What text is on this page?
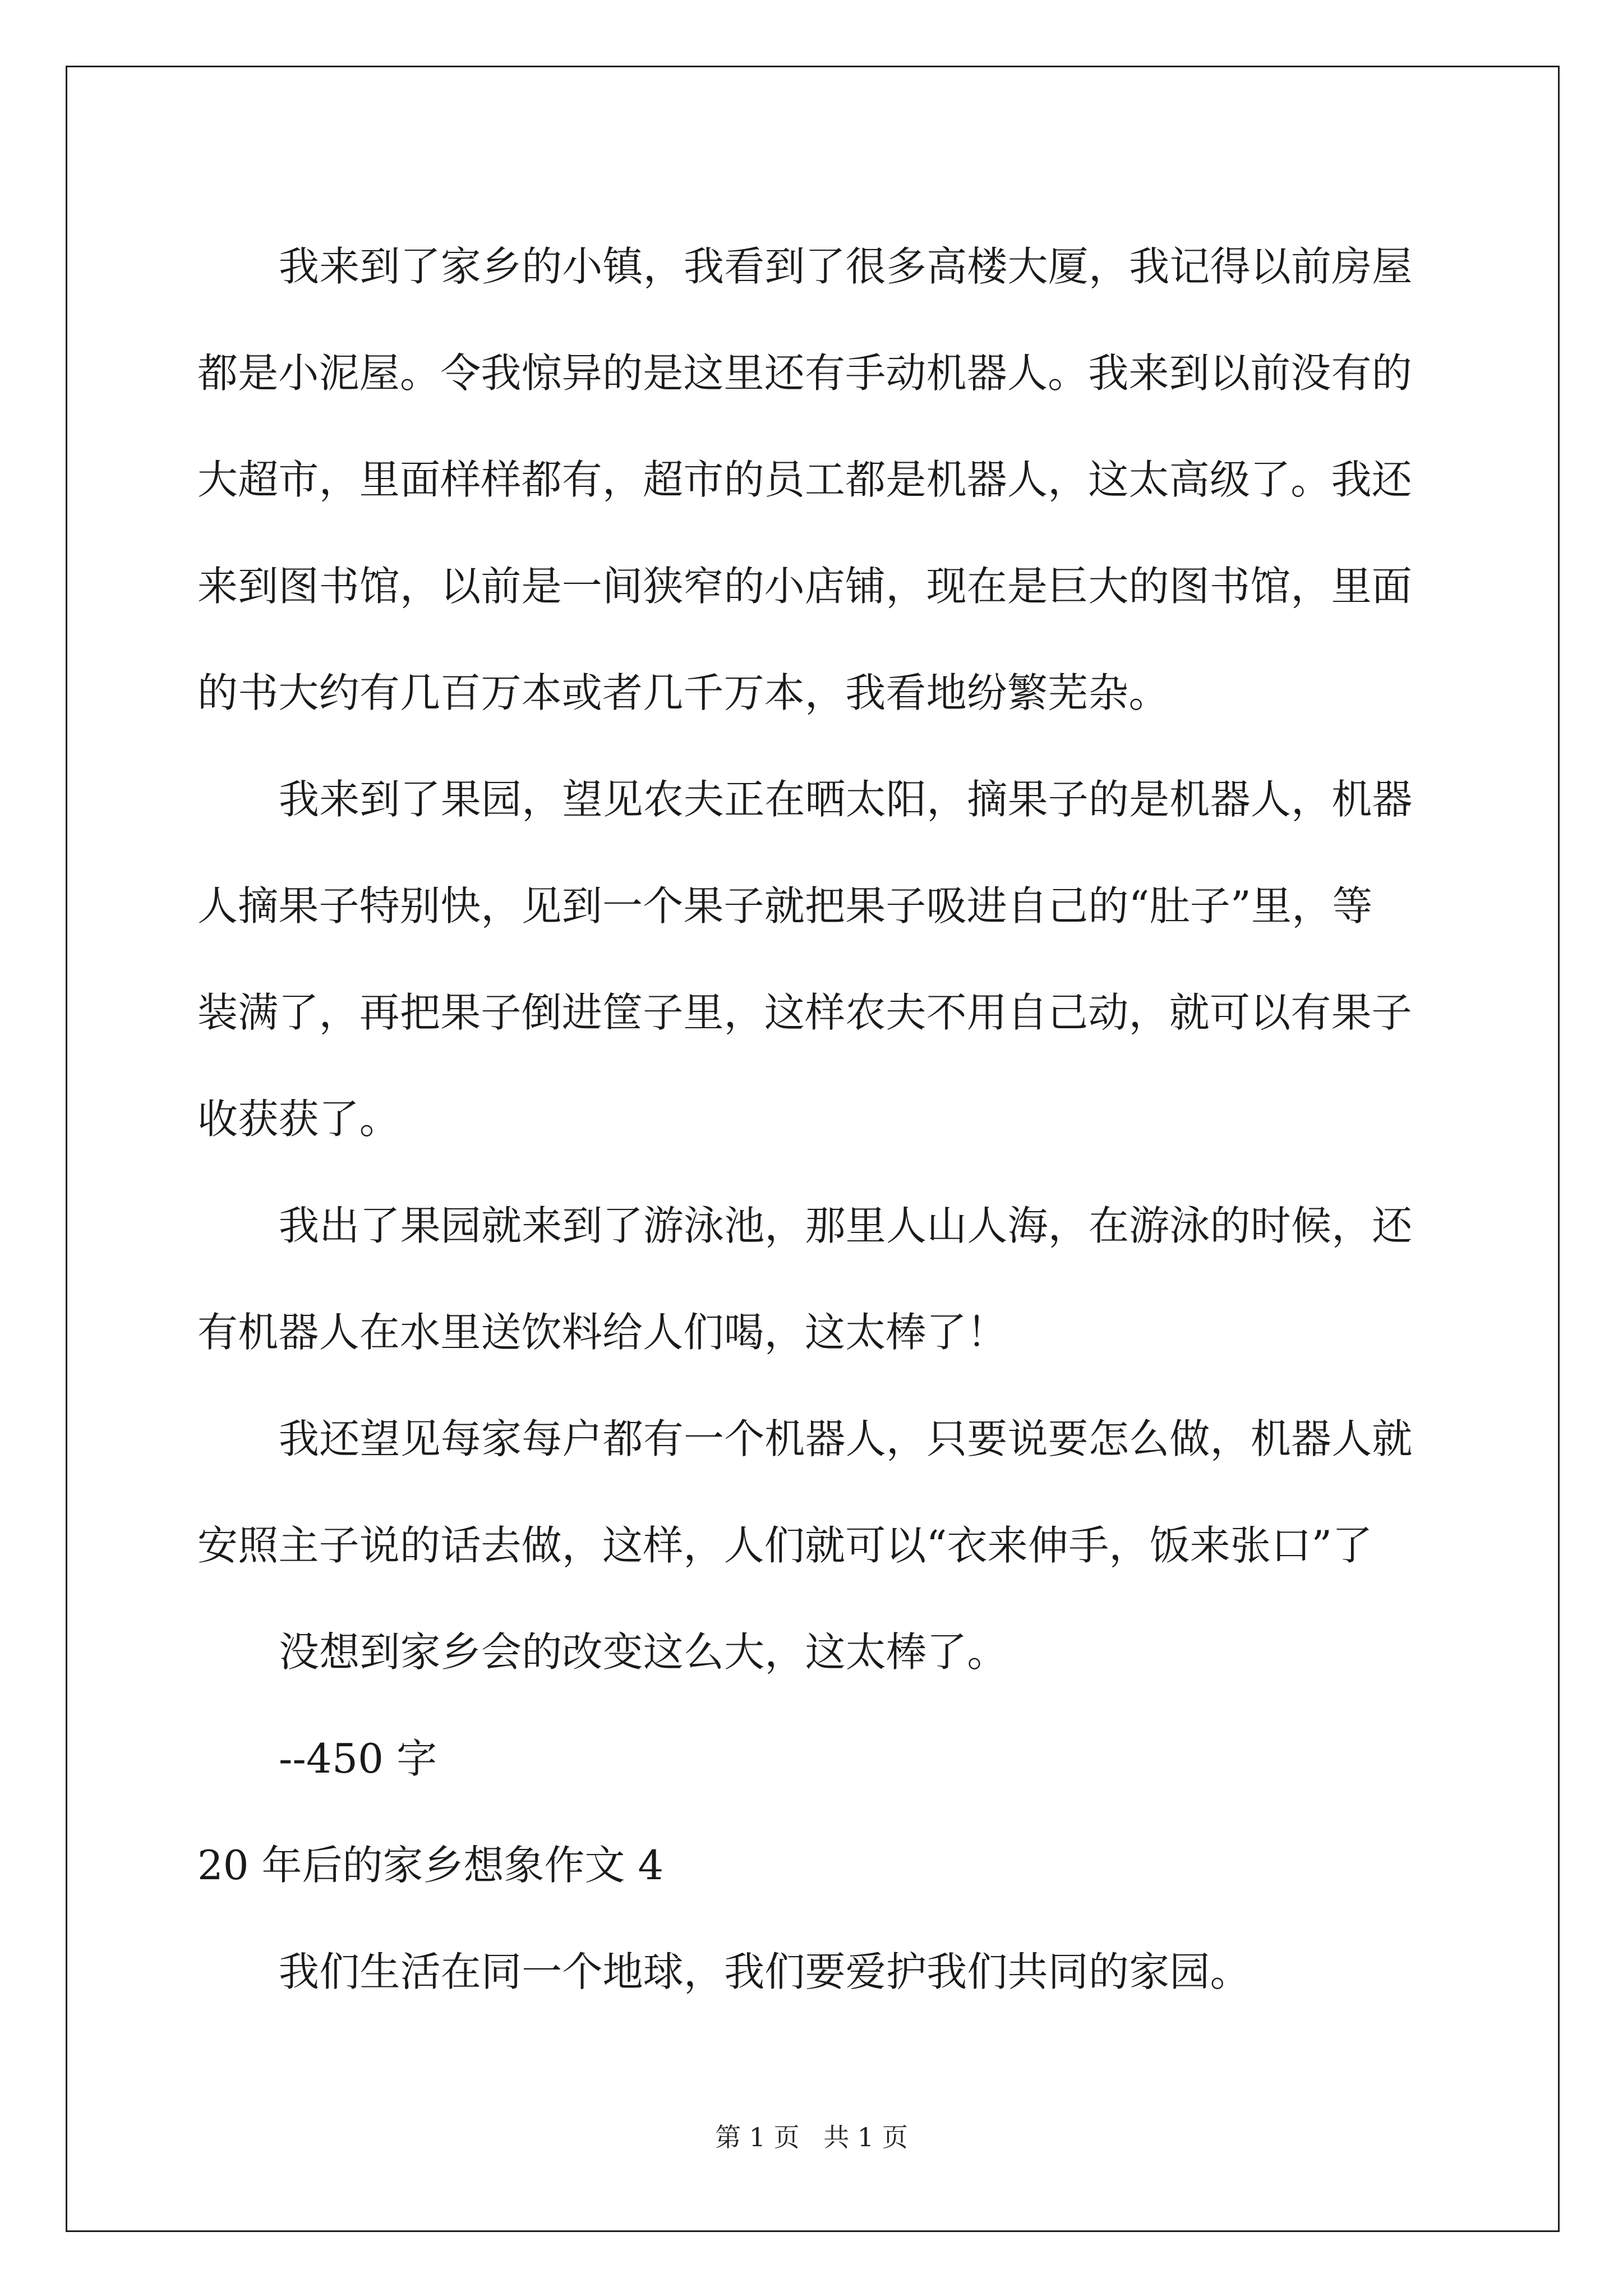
我来到了家乡的小镇，我看到了很多高楼大厦，我记得以前房屋
都是小泥屋。令我惊异的是这里还有手动机器人。我来到以前没有的
大超市，里面样样都有，超市的员工都是机器人，这太高级了。我还
来到图书馆，以前是一间狭窄的小店铺，现在是巨大的图书馆，里面
的书大约有几百万本或者几千万本，我看地纷繁芜杂。

我来到了果园，望见农夫正在晒太阳，摘果子的是机器人，机器
人摘果子特别快，见到一个果子就把果子吸进自己的“肚子”里，等
装满了，再把果子倒进筐子里，这样农夫不用自己动，就可以有果子
收获获了。

我出了果园就来到了游泳池，那里人山人海，在游泳的时候，还
有机器人在水里送饮料给人们喝，这太棒了！

我还望见每家每户都有一个机器人，只要说要怎么做，机器人就
安照主子说的话去做，这样，人们就可以“衣来伸手，饭来张口”了

没想到家乡会的改变这么大，这太棒了。

--450 字

20 年后的家乡想象作文 4

我们生活在同一个地球，我们要爱护我们共同的家园。

第 1 页 共 1 页
